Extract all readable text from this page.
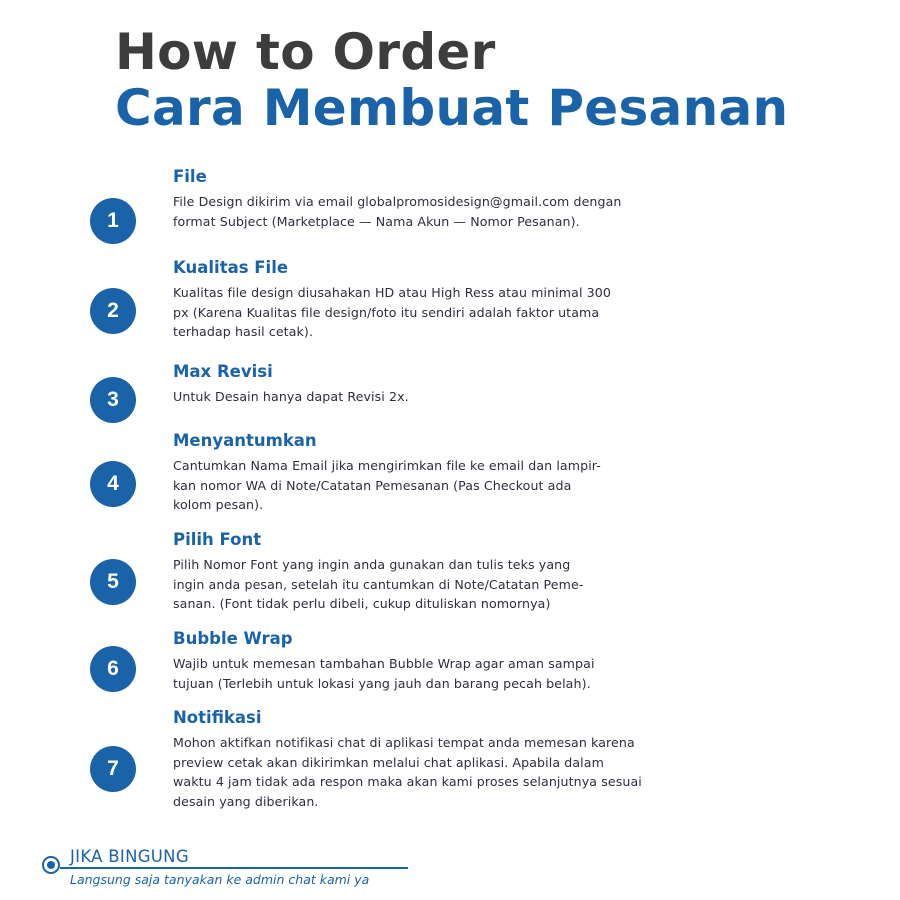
How to Order
Cara Membuat Pesanan
1
File
File Design dikirim via email globalpromosidesign@gmail.com dengan
format Subject (Marketplace — Nama Akun — Nomor Pesanan).
2
Kualitas File
Kualitas file design diusahakan HD atau High Ress atau minimal 300
px (Karena Kualitas file design/foto itu sendiri adalah faktor utama
terhadap hasil cetak).
3
Max Revisi
Untuk Desain hanya dapat Revisi 2x.
4
Menyantumkan
Cantumkan Nama Email jika mengirimkan file ke email dan lampir-
kan nomor WA di Note/Catatan Pemesanan (Pas Checkout ada
kolom pesan).
5
Pilih Font
Pilih Nomor Font yang ingin anda gunakan dan tulis teks yang
ingin anda pesan, setelah itu cantumkan di Note/Catatan Peme-
sanan. (Font tidak perlu dibeli, cukup dituliskan nomornya)
6
Bubble Wrap
Wajib untuk memesan tambahan Bubble Wrap agar aman sampai
tujuan (Terlebih untuk lokasi yang jauh dan barang pecah belah).
7
Notifikasi
Mohon aktifkan notifikasi chat di aplikasi tempat anda memesan karena
preview cetak akan dikirimkan melalui chat aplikasi. Apabila dalam
waktu 4 jam tidak ada respon maka akan kami proses selanjutnya sesuai
desain yang diberikan.
JIKA BINGUNG
Langsung saja tanyakan ke admin chat kami ya
